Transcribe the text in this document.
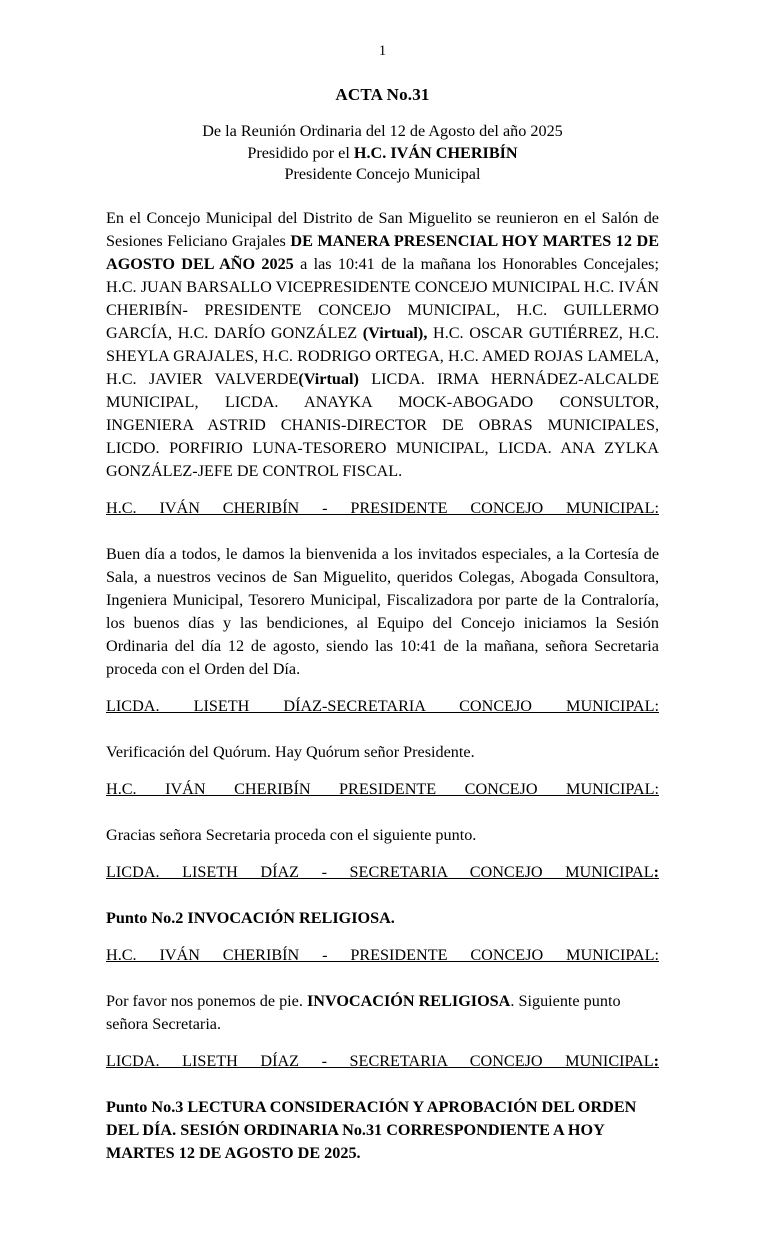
1
ACTA No.31
De la Reunión Ordinaria del 12 de Agosto del año 2025
Presidido por el H.C. IVÁN CHERIBÍN
Presidente Concejo Municipal

En el Concejo Municipal del Distrito de San Miguelito se reunieron en el Salón de Sesiones Feliciano Grajales DE MANERA PRESENCIAL HOY MARTES 12 DE AGOSTO DEL AÑO 2025 a las 10:41 de la mañana los Honorables Concejales; H.C. JUAN BARSALLO VICEPRESIDENTE CONCEJO MUNICIPAL H.C. IVÁN CHERIBÍN- PRESIDENTE CONCEJO MUNICIPAL, H.C. GUILLERMO GARCÍA, H.C. DARÍO GONZÁLEZ (Virtual), H.C. OSCAR GUTIÉRREZ, H.C. SHEYLA GRAJALES, H.C. RODRIGO ORTEGA, H.C. AMED ROJAS LAMELA, H.C. JAVIER VALVERDE(Virtual) LICDA. IRMA HERNÁDEZ-ALCALDE MUNICIPAL, LICDA. ANAYKA MOCK-ABOGADO CONSULTOR, INGENIERA ASTRID CHANIS-DIRECTOR DE OBRAS MUNICIPALES, LICDO. PORFIRIO LUNA-TESORERO MUNICIPAL, LICDA. ANA ZYLKA GONZÁLEZ-JEFE DE CONTROL FISCAL.

H.C. IVÁN CHERIBÍN - PRESIDENTE CONCEJO MUNICIPAL:
Buen día a todos, le damos la bienvenida a los invitados especiales, a la Cortesía de Sala, a nuestros vecinos de San Miguelito, queridos Colegas, Abogada Consultora, Ingeniera Municipal, Tesorero Municipal, Fiscalizadora por parte de la Contraloría, los buenos días y las bendiciones, al Equipo del Concejo iniciamos la Sesión Ordinaria del día 12 de agosto, siendo las 10:41 de la mañana, señora Secretaria proceda con el Orden del Día.
LICDA. LISETH DÍAZ-SECRETARIA CONCEJO MUNICIPAL:
Verificación del Quórum. Hay Quórum señor Presidente.
H.C. IVÁN CHERIBÍN PRESIDENTE CONCEJO MUNICIPAL:
Gracias señora Secretaria proceda con el siguiente punto.
LICDA. LISETH DÍAZ - SECRETARIA CONCEJO MUNICIPAL:
Punto No.2 INVOCACIÓN RELIGIOSA.
H.C. IVÁN CHERIBÍN - PRESIDENTE CONCEJO MUNICIPAL:
Por favor nos ponemos de pie. INVOCACIÓN RELIGIOSA. Siguiente punto señora Secretaria.
LICDA. LISETH DÍAZ - SECRETARIA CONCEJO MUNICIPAL:
Punto No.3 LECTURA CONSIDERACIÓN Y APROBACIÓN DEL ORDEN DEL DÍA. SESIÓN ORDINARIA No.31 CORRESPONDIENTE A HOY MARTES 12 DE AGOSTO DE 2025.
